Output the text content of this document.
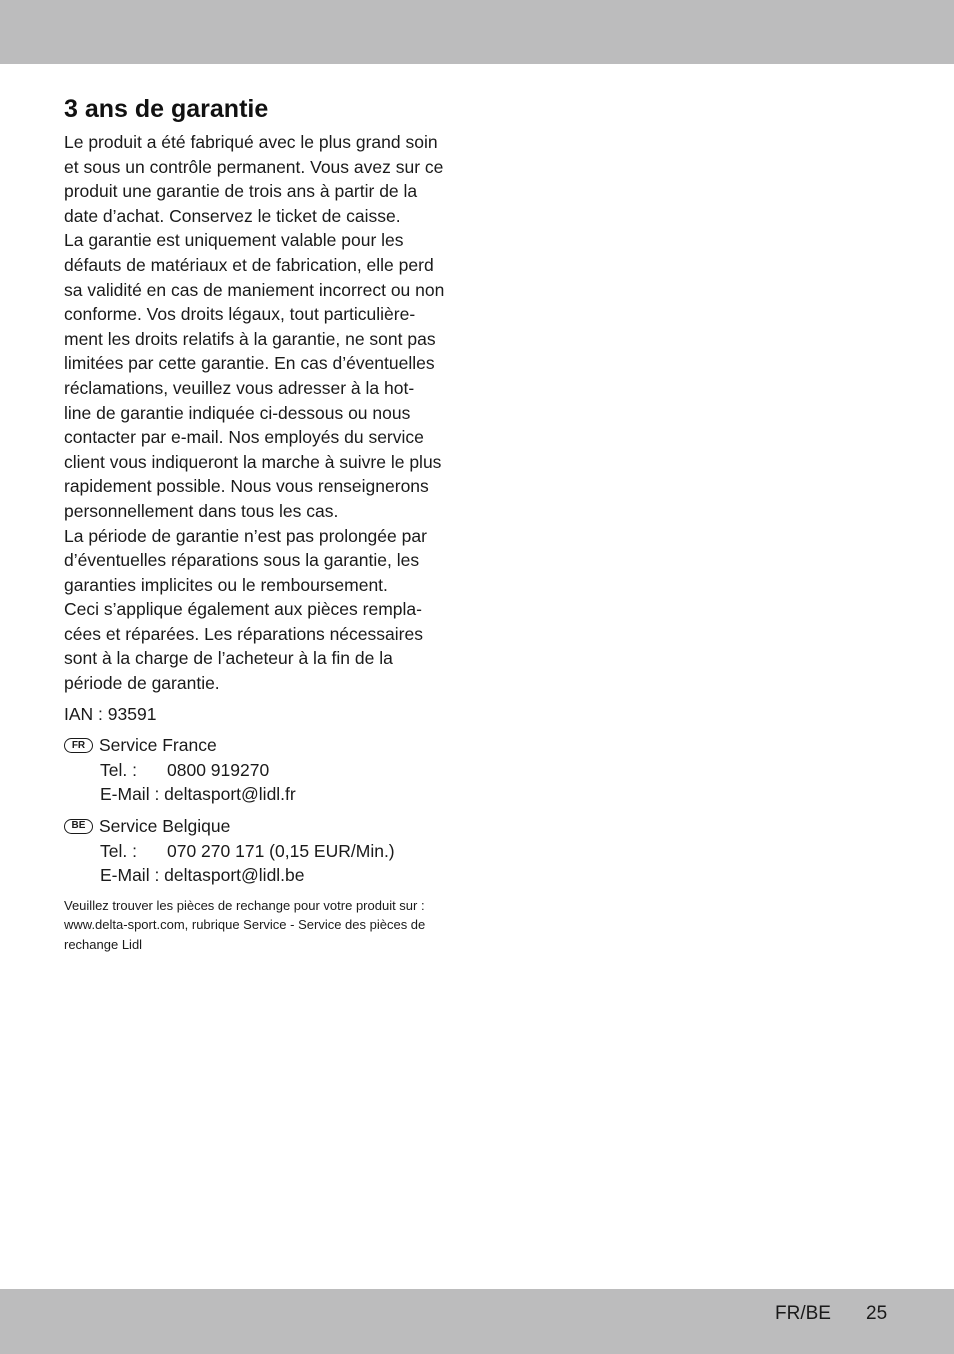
3 ans de garantie
Le produit a été fabriqué avec le plus grand soin
et sous un contrôle permanent. Vous avez sur ce
produit une garantie de trois ans à partir de la
date d’achat. Conservez le ticket de caisse.
La garantie est uniquement valable pour les
défauts de matériaux et de fabrication, elle perd
sa validité en cas de maniement incorrect ou non
conforme. Vos droits légaux, tout particulière-
ment les droits relatifs à la garantie, ne sont pas
limitées par cette garantie. En cas d’éventuelles
réclamations, veuillez vous adresser à la hot-
line de garantie indiquée ci-dessous ou nous
contacter par e-mail. Nos employés du service
client vous indiqueront la marche à suivre le plus
rapidement possible. Nous vous renseignerons
personnellement dans tous les cas.
La période de garantie n’est pas prolongée par
d’éventuelles réparations sous la garantie, les
garanties implicites ou le remboursement.
Ceci s’applique également aux pièces rempla-
cées et réparées. Les réparations nécessaires
sont à la charge de l’acheteur à la fin de la
période de garantie.
IAN : 93591
FR Service France
Tel. :	0800 919270
E-Mail : deltasport@lidl.fr
BE Service Belgique
Tel. :	070 270 171 (0,15 EUR/Min.)
E-Mail : deltasport@lidl.be
Veuillez trouver les pièces de rechange pour votre produit sur :
www.delta-sport.com, rubrique Service - Service des pièces de
rechange Lidl
FR/BE 25
